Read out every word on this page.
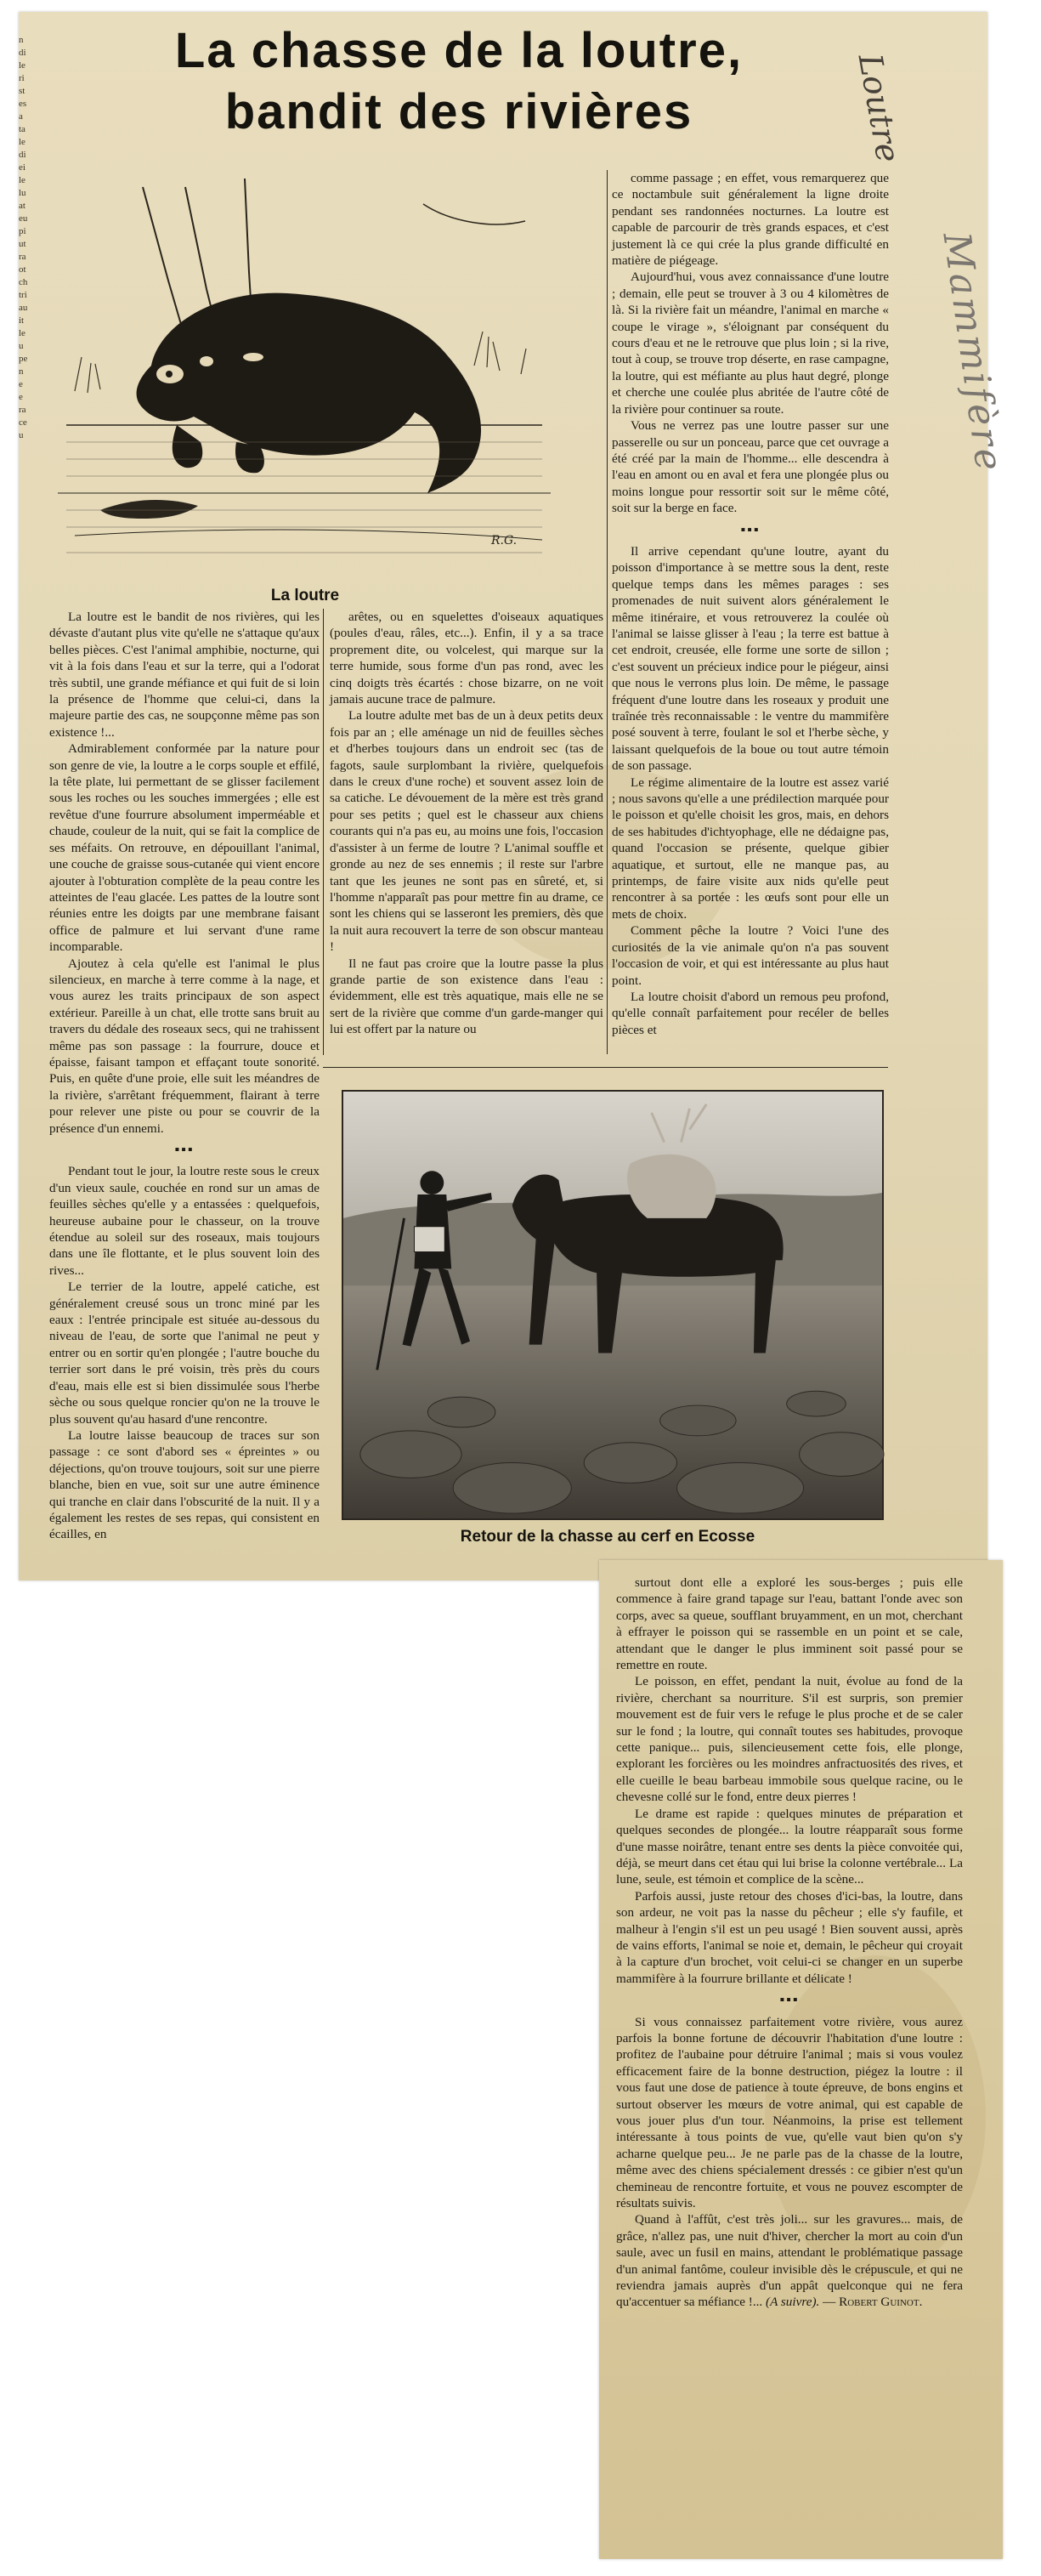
n
di
le
ri
st
es
a
ta
le
di
ei
le
lu
at
eu
pi
ut
ra
ot
ch
tri
au
it
le
u
pe
n
e
e
ra
ce
u
La chasse de la loutre,
bandit des rivières	Loutre
Mammifère
R.G.
La loutre

La loutre est le bandit de nos rivières, qui les dévaste d'autant plus vite qu'elle ne s'attaque qu'aux belles pièces. C'est l'animal amphibie, nocturne, qui vit à la fois dans l'eau et sur la terre, qui a l'odorat très subtil, une grande méfiance et qui fuit de si loin la présence de l'homme que celui-ci, dans la majeure partie des cas, ne soupçonne même pas son existence !...

Admirablement conformée par la nature pour son genre de vie, la loutre a le corps souple et effilé, la tête plate, lui permettant de se glisser facilement sous les roches ou les souches immergées ; elle est revêtue d'une fourrure absolument imperméable et chaude, couleur de la nuit, qui se fait la complice de ses méfaits. On retrouve, en dépouillant l'animal, une couche de graisse sous-cutanée qui vient encore ajouter à l'obturation complète de la peau contre les atteintes de l'eau glacée. Les pattes de la loutre sont réunies entre les doigts par une membrane faisant office de palmure et lui servant d'une rame incomparable.

Ajoutez à cela qu'elle est l'animal le plus silencieux, en marche à terre comme à la nage, et vous aurez les traits principaux de son aspect extérieur. Pareille à un chat, elle trotte sans bruit au travers du dédale des roseaux secs, qui ne trahissent même pas son passage : la fourrure, douce et épaisse, faisant tampon et effaçant toute sonorité. Puis, en quête d'une proie, elle suit les méandres de la rivière, s'arrêtant fréquemment, flairant à terre pour relever une piste ou pour se couvrir de la présence d'un ennemi.

▪▪▪

Pendant tout le jour, la loutre reste sous le creux d'un vieux saule, couchée en rond sur un amas de feuilles sèches qu'elle y a entassées : quelquefois, heureuse aubaine pour le chasseur, on la trouve étendue au soleil sur des roseaux, mais toujours dans une île flottante, et le plus souvent loin des rives...

Le terrier de la loutre, appelé catiche, est généralement creusé sous un tronc miné par les eaux : l'entrée principale est située au-dessous du niveau de l'eau, de sorte que l'animal ne peut y entrer ou en sortir qu'en plongée ; l'autre bouche du terrier sort dans le pré voisin, très près du cours d'eau, mais elle est si bien dissimulée sous l'herbe sèche ou sous quelque roncier qu'on ne la trouve le plus souvent qu'au hasard d'une rencontre.

La loutre laisse beaucoup de traces sur son passage : ce sont d'abord ses « épreintes » ou déjections, qu'on trouve toujours, soit sur une pierre blanche, bien en vue, soit sur une autre éminence qui tranche en clair dans l'obscurité de la nuit. Il y a également les restes de ses repas, qui consistent en écailles, en

arêtes, ou en squelettes d'oiseaux aquatiques (poules d'eau, râles, etc...). Enfin, il y a sa trace proprement dite, ou volcelest, qui marque sur la terre humide, sous forme d'un pas rond, avec les cinq doigts très écartés : chose bizarre, on ne voit jamais aucune trace de palmure.

La loutre adulte met bas de un à deux petits deux fois par an ; elle aménage un nid de feuilles sèches et d'herbes toujours dans un endroit sec (tas de fagots, saule surplombant la rivière, quelquefois dans le creux d'une roche) et souvent assez loin de sa catiche. Le dévouement de la mère est très grand pour ses petits ; quel est le chasseur aux chiens courants qui n'a pas eu, au moins une fois, l'occasion d'assister à un ferme de loutre ? L'animal souffle et gronde au nez de ses ennemis ; il reste sur l'arbre tant que les jeunes ne sont pas en sûreté, et, si l'homme n'apparaît pas pour mettre fin au drame, ce sont les chiens qui se lasseront les premiers, dès que la nuit aura recouvert la terre de son obscur manteau !

Il ne faut pas croire que la loutre passe la plus grande partie de son existence dans l'eau : évidemment, elle est très aquatique, mais elle ne se sert de la rivière que comme d'un garde-manger qui lui est offert par la nature ou

comme passage ; en effet, vous remarquerez que ce noctambule suit généralement la ligne droite pendant ses randonnées nocturnes. La loutre est capable de parcourir de très grands espaces, et c'est justement là ce qui crée la plus grande difficulté en matière de piégeage.

Aujourd'hui, vous avez connaissance d'une loutre ; demain, elle peut se trouver à 3 ou 4 kilomètres de là. Si la rivière fait un méandre, l'animal en marche « coupe le virage », s'éloignant par conséquent du cours d'eau et ne le retrouve que plus loin ; si la rive, tout à coup, se trouve trop déserte, en rase campagne, la loutre, qui est méfiante au plus haut degré, plonge et cherche une coulée plus abritée de l'autre côté de la rivière pour continuer sa route.

Vous ne verrez pas une loutre passer sur une passerelle ou sur un ponceau, parce que cet ouvrage a été créé par la main de l'homme... elle descendra à l'eau en amont ou en aval et fera une plongée plus ou moins longue pour ressortir soit sur le même côté, soit sur la berge en face.

▪▪▪

Il arrive cependant qu'une loutre, ayant du poisson d'importance à se mettre sous la dent, reste quelque temps dans les mêmes parages : ses promenades de nuit suivent alors généralement le même itinéraire, et vous retrouverez la coulée où l'animal se laisse glisser à l'eau ; la terre est battue à cet endroit, creusée, elle forme une sorte de sillon ; c'est souvent un précieux indice pour le piégeur, ainsi que nous le verrons plus loin. De même, le passage fréquent d'une loutre dans les roseaux y produit une traînée très reconnaissable : le ventre du mammifère posé souvent à terre, foulant le sol et l'herbe sèche, y laissant quelquefois de la boue ou tout autre témoin de son passage.

Le régime alimentaire de la loutre est assez varié ; nous savons qu'elle a une prédilection marquée pour le poisson et qu'elle choisit les gros, mais, en dehors de ses habitudes d'ichtyophage, elle ne dédaigne pas, quand l'occasion se présente, quelque gibier aquatique, et surtout, elle ne manque pas, au printemps, de faire visite aux nids qu'elle peut rencontrer à sa portée : les œufs sont pour elle un mets de choix.

Comment pêche la loutre ? Voici l'une des curiosités de la vie animale qu'on n'a pas souvent l'occasion de voir, et qui est intéressante au plus haut point.

La loutre choisit d'abord un remous peu profond, qu'elle connaît parfaitement pour recéler de belles pièces et

Retour de la chasse au cerf en Ecosse

surtout dont elle a exploré les sous-berges ; puis elle commence à faire grand tapage sur l'eau, battant l'onde avec son corps, avec sa queue, soufflant bruyamment, en un mot, cherchant à effrayer le poisson qui se rassemble en un point et se cale, attendant que le danger le plus imminent soit passé pour se remettre en route.

Le poisson, en effet, pendant la nuit, évolue au fond de la rivière, cherchant sa nourriture. S'il est surpris, son premier mouvement est de fuir vers le refuge le plus proche et de se caler sur le fond ; la loutre, qui connaît toutes ses habitudes, provoque cette panique... puis, silencieusement cette fois, elle plonge, explorant les forcières ou les moindres anfractuosités des rives, et elle cueille le beau barbeau immobile sous quelque racine, ou le chevesne collé sur le fond, entre deux pierres !

Le drame est rapide : quelques minutes de préparation et quelques secondes de plongée... la loutre réapparaît sous forme d'une masse noirâtre, tenant entre ses dents la pièce convoitée qui, déjà, se meurt dans cet étau qui lui brise la colonne vertébrale... La lune, seule, est témoin et complice de la scène...

Parfois aussi, juste retour des choses d'ici-bas, la loutre, dans son ardeur, ne voit pas la nasse du pêcheur ; elle s'y faufile, et malheur à l'engin s'il est un peu usagé ! Bien souvent aussi, après de vains efforts, l'animal se noie et, demain, le pêcheur qui croyait à la capture d'un brochet, voit celui-ci se changer en un superbe mammifère à la fourrure brillante et délicate !

▪▪▪

Si vous connaissez parfaitement votre rivière, vous aurez parfois la bonne fortune de découvrir l'habitation d'une loutre : profitez de l'aubaine pour détruire l'animal ; mais si vous voulez efficacement faire de la bonne destruction, piégez la loutre : il vous faut une dose de patience à toute épreuve, de bons engins et surtout observer les mœurs de votre animal, qui est capable de vous jouer plus d'un tour. Néanmoins, la prise est tellement intéressante à tous points de vue, qu'elle vaut bien qu'on s'y acharne quelque peu... Je ne parle pas de la chasse de la loutre, même avec des chiens spécialement dressés : ce gibier n'est qu'un chemineau de rencontre fortuite, et vous ne pouvez escompter de résultats suivis.

Quand à l'affût, c'est très joli... sur les gravures... mais, de grâce, n'allez pas, une nuit d'hiver, chercher la mort au coin d'un saule, avec un fusil en mains, attendant le problématique passage d'un animal fantôme, couleur invisible dès le crépuscule, et qui ne reviendra jamais auprès d'un appât quelconque qui ne fera qu'accentuer sa méfiance !... (A suivre). — Robert Guinot.
